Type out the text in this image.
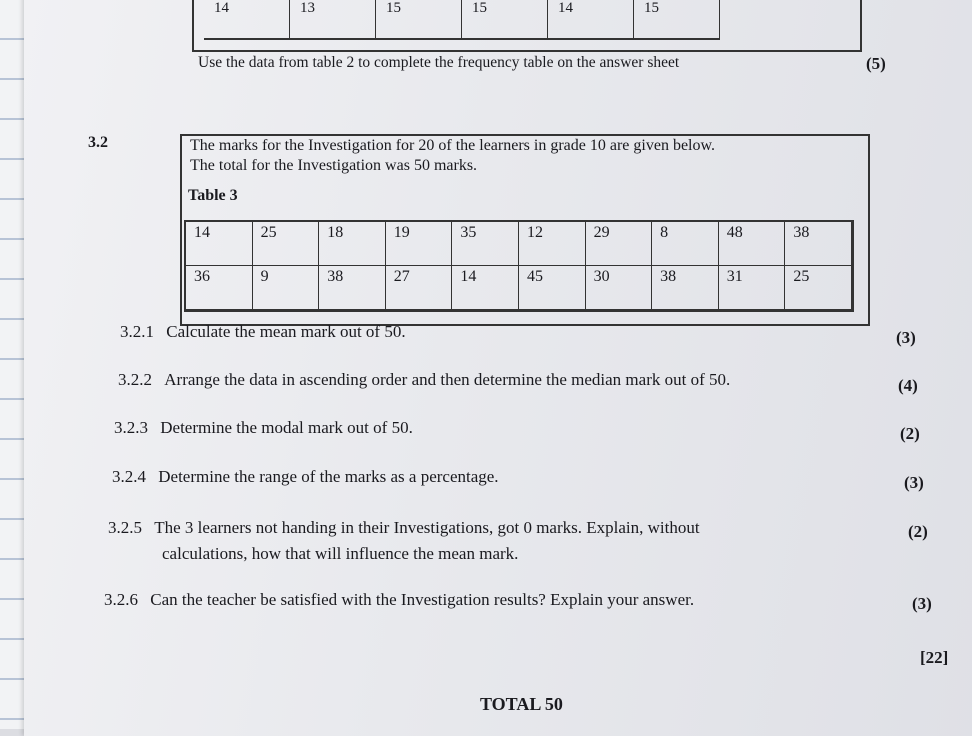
14	13	15	15	14	15
Use the data from table 2 to complete the frequency table on the answer sheet	(5)
3.2	The marks for the Investigation for 20 of the learners in grade 10 are given below.
The total for the Investigation was 50 marks.
Table 3
14	25	18	19	35	12	29	8	48	38
36	9	38	27	14	45	30	38	31	25
3.2.1 Calculate the mean mark out of 50.	(3)
3.2.2 Arrange the data in ascending order and then determine the median mark out of 50.	(4)
3.2.3 Determine the modal mark out of 50.	(2)
3.2.4 Determine the range of the marks as a percentage.	(3)
3.2.5 The 3 learners not handing in their Investigations, got 0 marks. Explain, without
calculations, how that will influence the mean mark.
(2)
3.2.6 Can the teacher be satisfied with the Investigation results? Explain your answer.	(3)
[22]
TOTAL 50
